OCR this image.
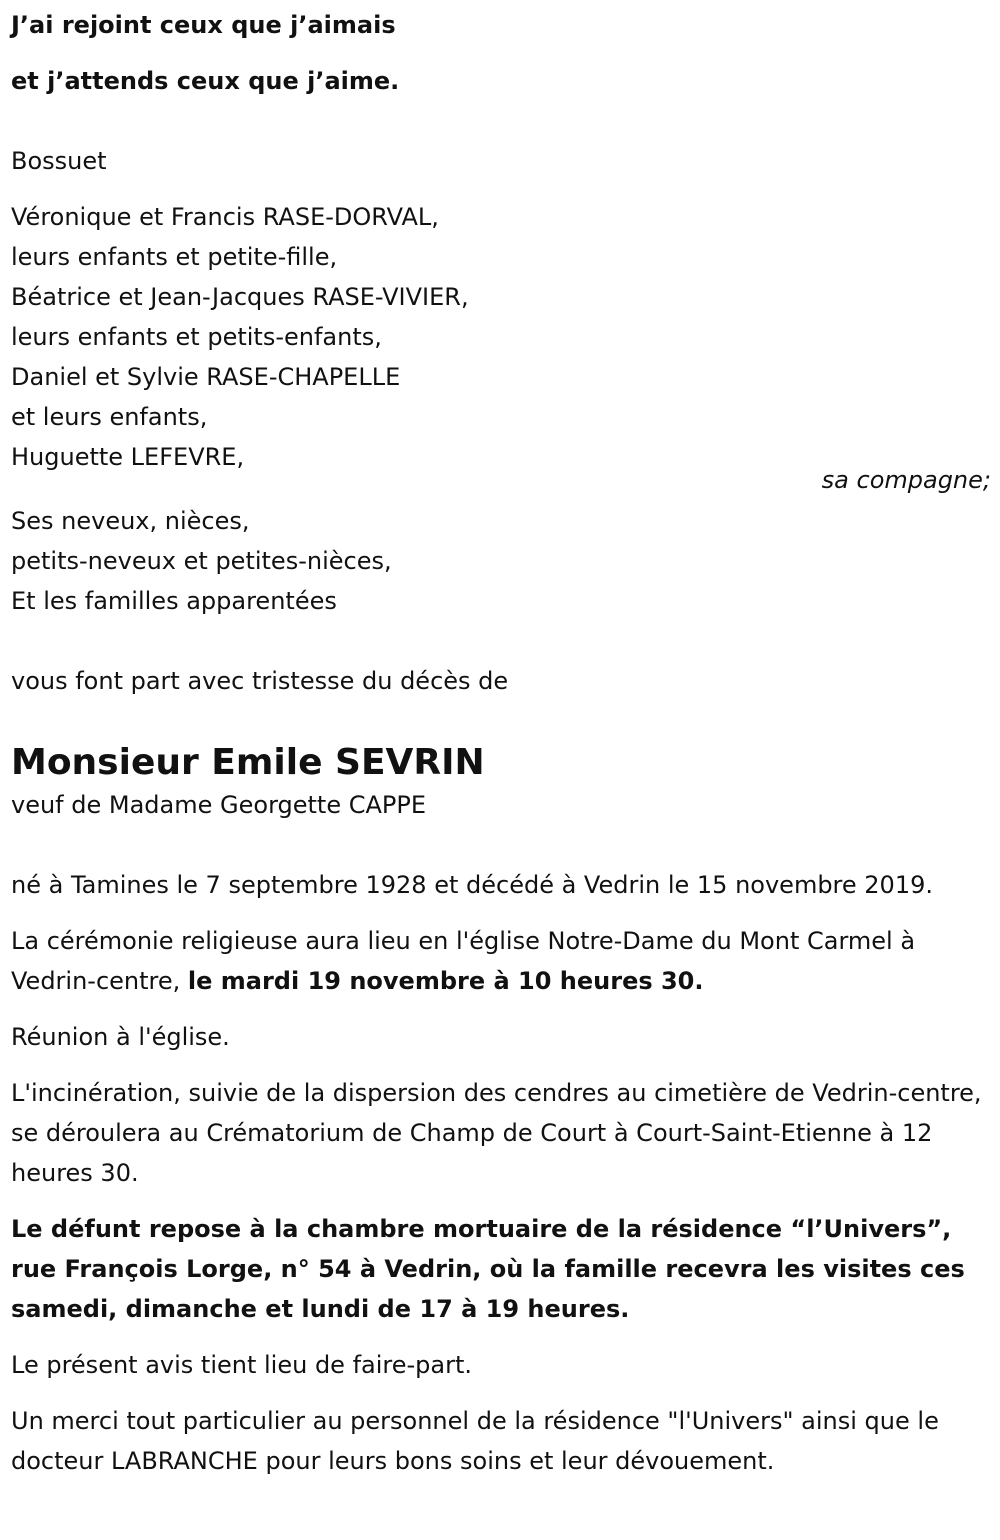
J’ai rejoint ceux que j’aimais

et j’attends ceux que j’aime.

Bossuet

Véronique et Francis RASE-DORVAL,

leurs enfants et petite-fille,

Béatrice et Jean-Jacques RASE-VIVIER,

leurs enfants et petits-enfants,

Daniel et Sylvie RASE-CHAPELLE

et leurs enfants,

Huguette LEFEVRE,

Ses neveux, nièces,

petits-neveux et petites-nièces,

Et les familles apparentées

vous font part avec tristesse du décès de

Monsieur Emile SEVRIN

veuf de Madame Georgette CAPPE

né à Tamines le 7 septembre 1928 et décédé à Vedrin le 15 novembre 2019.

La cérémonie religieuse aura lieu en l'église Notre-Dame du Mont Carmel à Vedrin-centre, le mardi 19 novembre à 10 heures 30.

Réunion à l'église.

L'incinération, suivie de la dispersion des cendres au cimetière de Vedrin-centre, se déroulera au Crématorium de Champ de Court à Court-Saint-Etienne à 12 heures 30.

Le défunt repose à la chambre mortuaire de la résidence “l’Univers”, rue François Lorge, n° 54 à Vedrin, où la famille recevra les visites ces samedi, dimanche et lundi de 17 à 19 heures.

Le présent avis tient lieu de faire-part.

Un merci tout particulier au personnel de la résidence "l'Univers" ainsi que le docteur LABRANCHE pour leurs bons soins et leur dévouement.

sa compagne;
